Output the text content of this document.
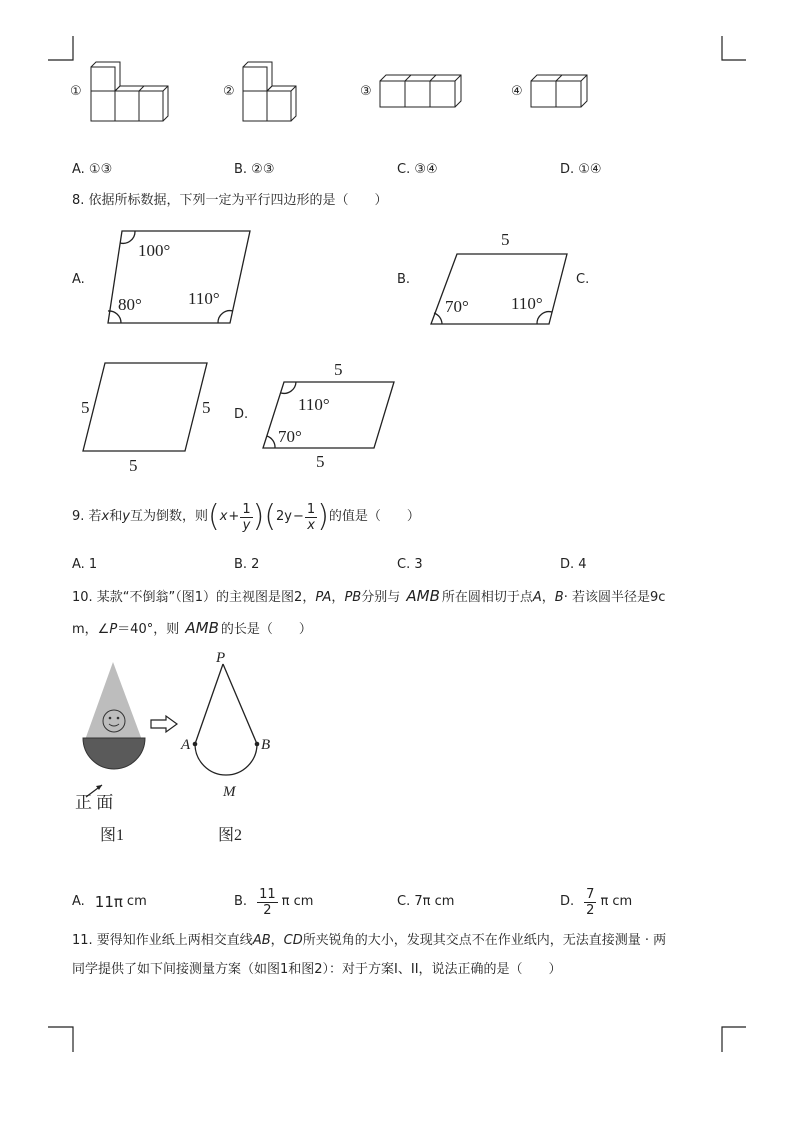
①	②	③	④
A. ①③	B. ②③	C. ③④	D. ①④
8. 依据所标数据，下列一定为平行四边形的是（　　）
A.
100°
80°	110°
B.
5
70° 110°
C.
5	5
5
D.
5
110°
70°
5
9. 若 x 和 y 互为倒数，则 ( $x + \frac{1}{y}$ ) ( $2y - \frac{1}{x}$ ) 的值是（　　）
A. 1	B. 2	C. 3	D. 4
10. 某款“不倒翁”（图1）的主视图是图2，PA，PB分别与 AMB 所在圆相切于点A，B· 若该圆半径是9c
m，∠P＝40°，则 AMB 的长是（　　）
正 面
图1
P
A	B
M
图2
A. 11π cm	B. $\frac{11}{2}$ π cm	C. 7π cm	D. $\frac{7}{2}$ π cm
11. 要得知作业纸上两相交直线AB，CD所夹锐角的大小，发现其交点不在作业纸内，无法直接测量 · 两
同学提供了如下间接测量方案（如图1和图2）：对于方案I、II，说法正确的是（　　）
